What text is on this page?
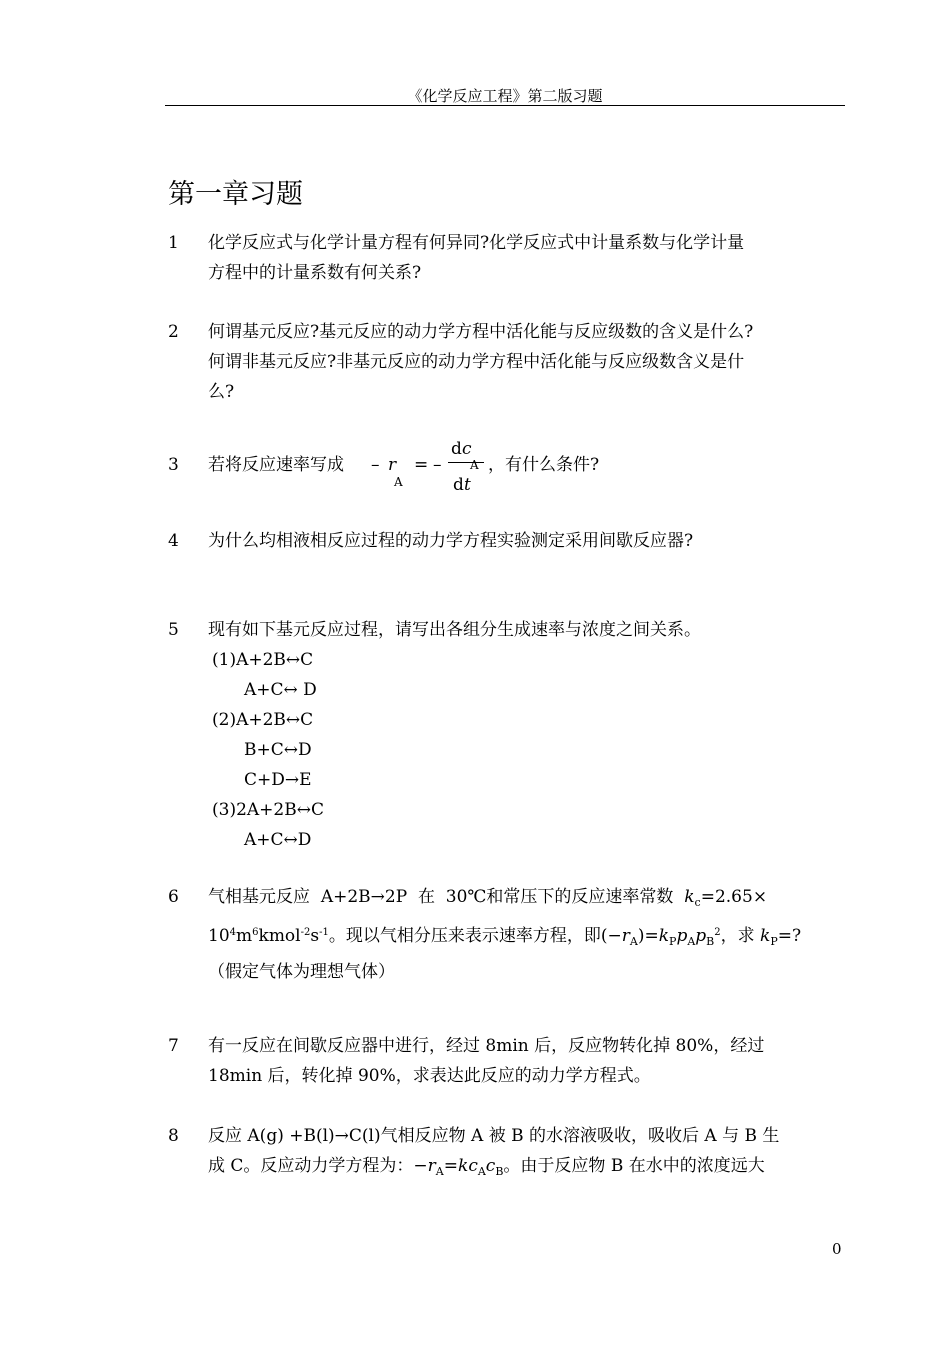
《化学反应工程》第二版习题
第一章习题
1 化学反应式与化学计量方程有何异同?化学反应式中计量系数与化学计量
方程中的计量系数有何关系?
2 何谓基元反应?基元反应的动力学方程中活化能与反应级数的含义是什么?
何谓非基元反应?非基元反应的动力学方程中活化能与反应级数含义是什
么?
3 若将反应速率写成 – r
A
= –
d c
A
d t
，有什么条件?
4 为什么均相液相反应过程的动力学方程实验测定采用间歇反应器?
5 现有如下基元反应过程，请写出各组分生成速率与浓度之间关系。
(1)A+2B↔C
A+C↔ D
(2)A+2B↔C
B+C↔D
C+D→E
(3)2A+2B↔C
A+C↔D
6 气相基元反应 A+2B→2P 在 30℃和常压下的反应速率常数 $k_c=2.65\times$
$10^4m^6kmol^{-2}s^{-1}$。现以气相分压来表示速率方程，即$(-r_A)=k_Pp_Ap_B^2$，求 $k_P=$?
（假定气体为理想气体）
7 有一反应在间歇反应器中进行，经过 8min 后，反应物转化掉 80%，经过
18min 后，转化掉 90%，求表达此反应的动力学方程式。
8 反应 A(g) +B(l)→C(l)气相反应物 A 被 B 的水溶液吸收，吸收后 A 与 B 生
成 C。反应动力学方程为：$-r_A=kc_Ac_B$。由于反应物 B 在水中的浓度远大
0
